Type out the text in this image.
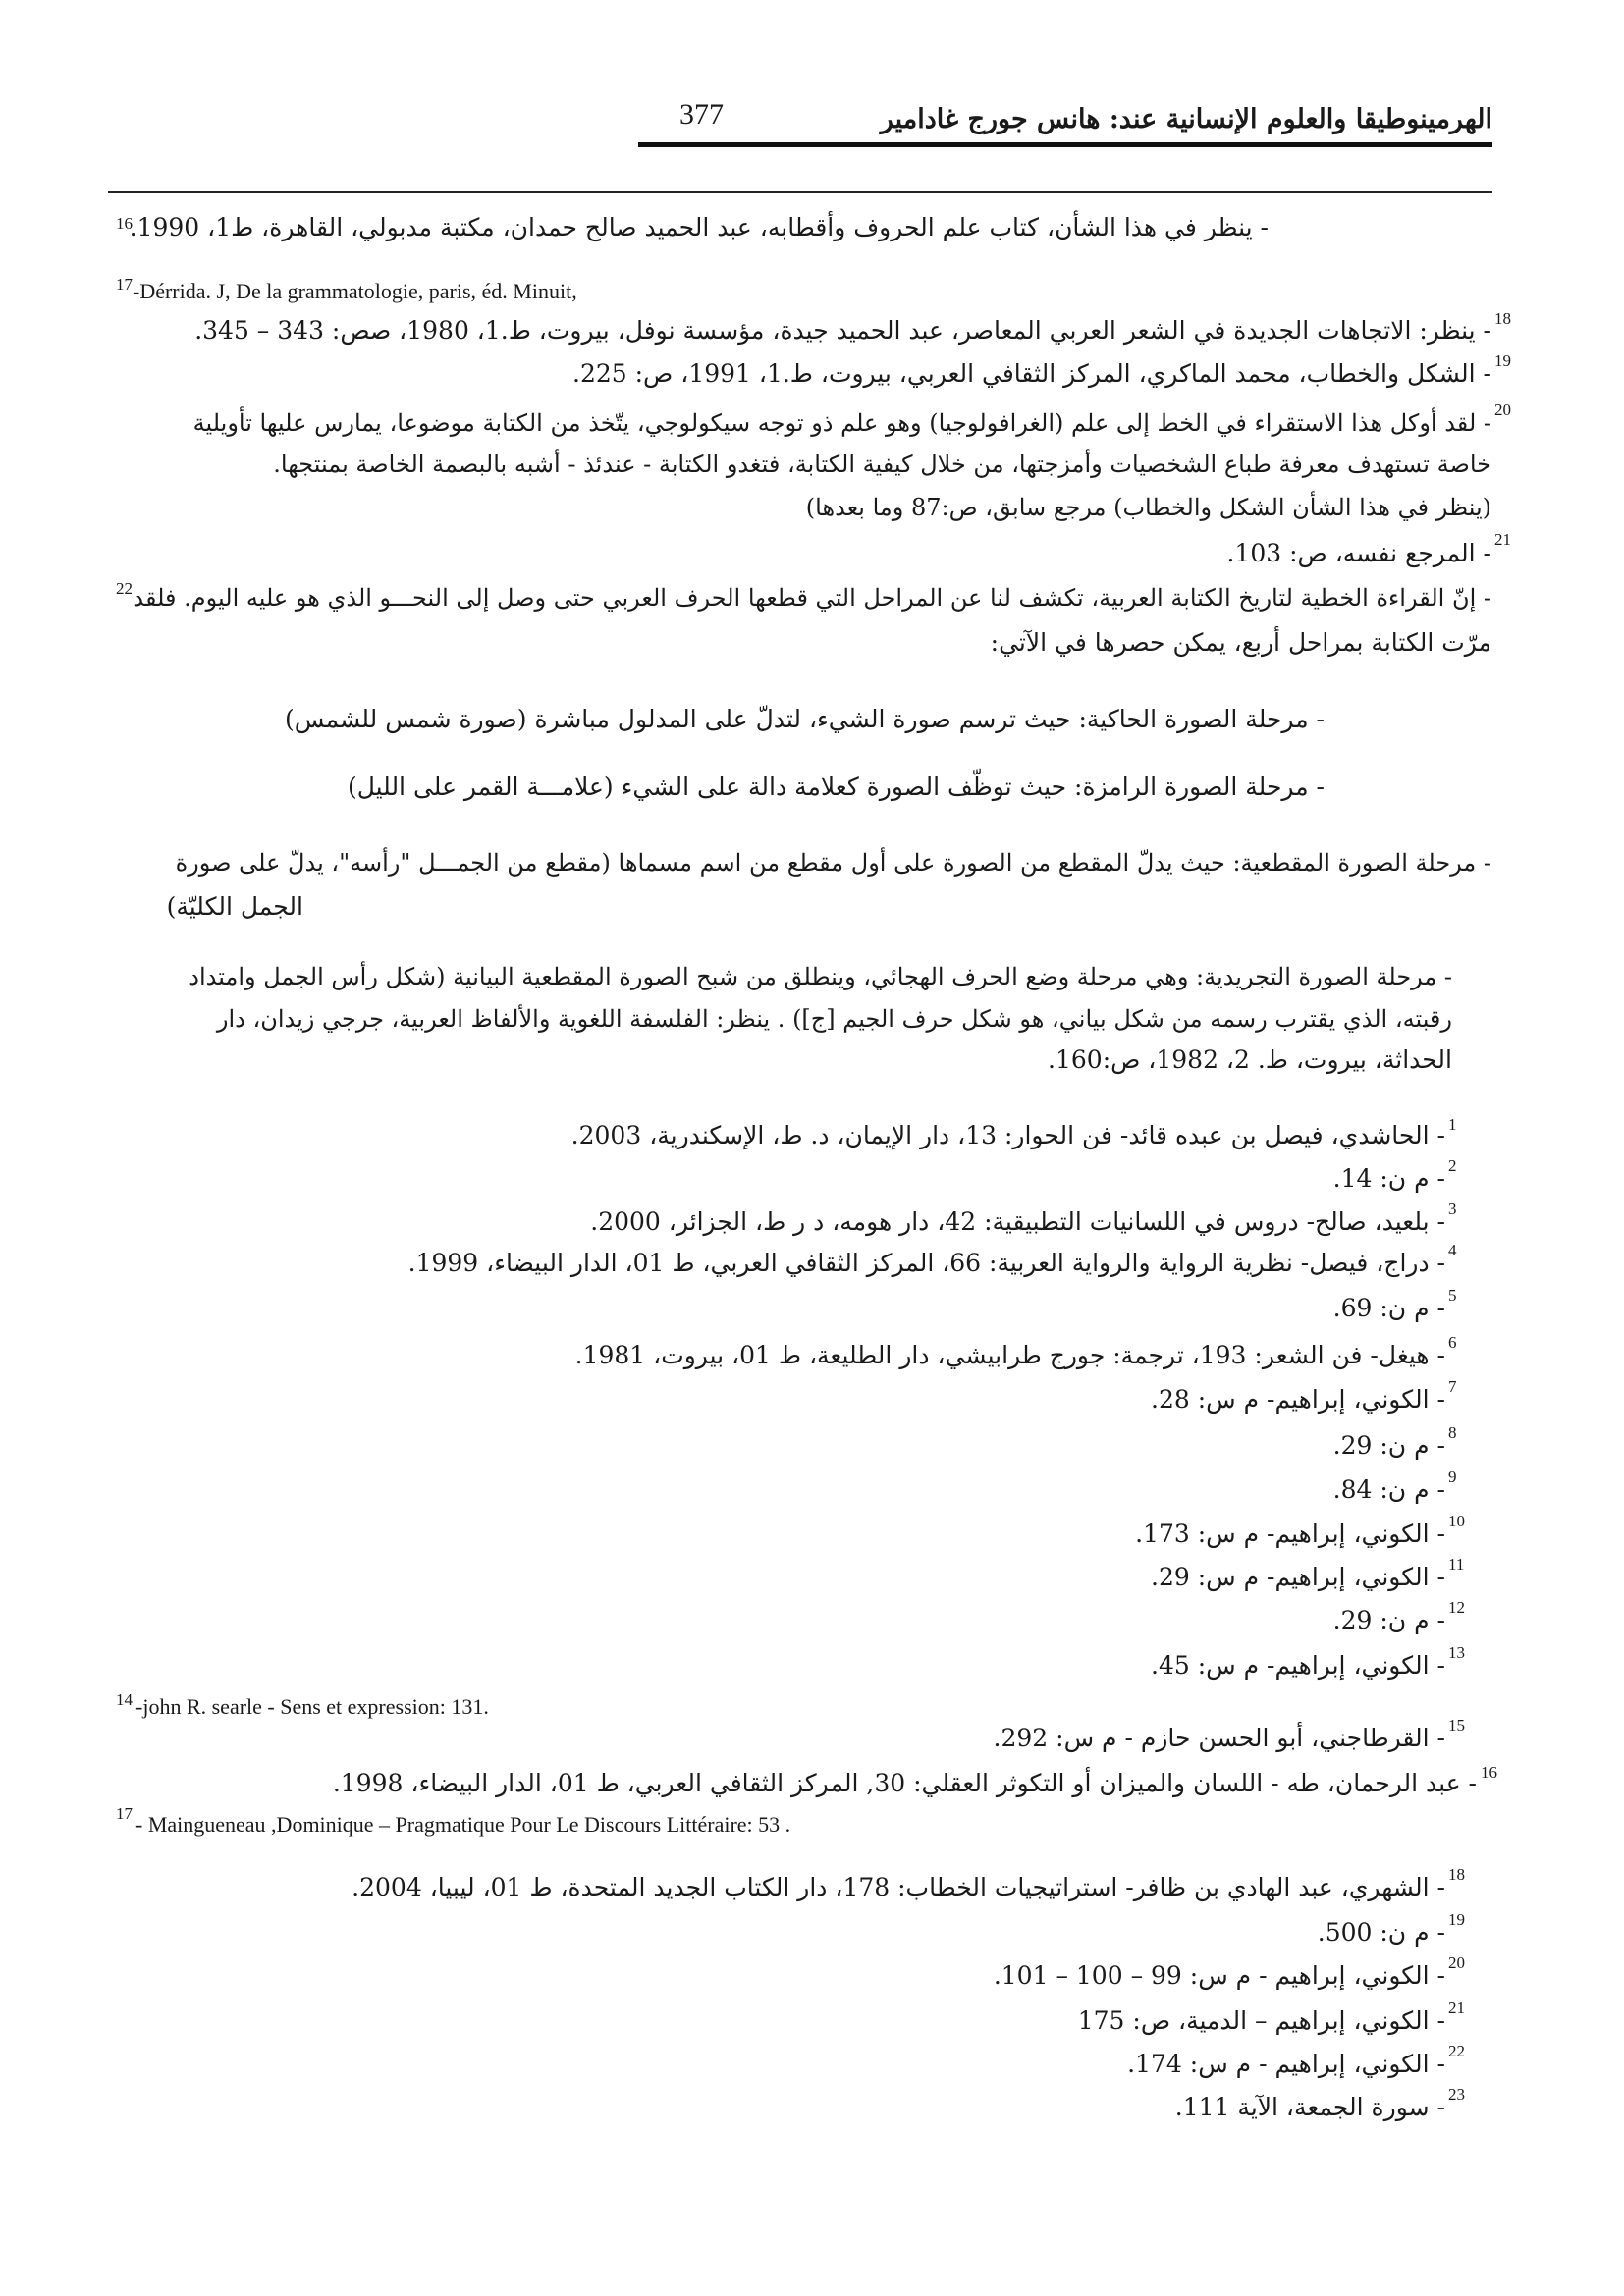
الهرمينوطيقا والعلوم الإنسانية عند: هانس جورج غادامير
377
16
- ينظر في هذا الشأن، كتاب علم الحروف وأقطابه، عبد الحميد صالح حمدان، مكتبة مدبولي، القاهرة، ط1، 1990.
17 -Dérrida. J, De la grammatologie, paris, éd. Minuit,
18
- ينظر: الاتجاهات الجديدة في الشعر العربي المعاصر، عبد الحميد جيدة، مؤسسة نوفل، بيروت، ط.1، 1980، صص: 343 – 345.
19
- الشكل والخطاب، محمد الماكري، المركز الثقافي العربي، بيروت، ط.1، 1991، ص: 225.
20
- لقد أوكل هذا الاستقراء في الخط إلى علم (الغرافولوجيا) وهو علم ذو توجه سيكولوجي، يتّخذ من الكتابة موضوعا، يمارس عليها تأويلية
خاصة تستهدف معرفة طباع الشخصيات وأمزجتها، من خلال كيفية الكتابة، فتغدو الكتابة - عندئذ - أشبه بالبصمة الخاصة بمنتجها.
(ينظر في هذا الشأن الشكل والخطاب) مرجع سابق، ص:87 وما بعدها)
21
- المرجع نفسه، ص: 103.
22 - إنّ القراءة الخطية لتاريخ الكتابة العربية، تكشف لنا عن المراحل التي قطعها الحرف العربي حتى وصل إلى النحـــو الذي هو عليه اليوم. فلقد
مرّت الكتابة بمراحل أربع، يمكن حصرها في الآتي:
- مرحلة الصورة الحاكية: حيث ترسم صورة الشيء، لتدلّ على المدلول مباشرة (صورة شمس للشمس)
- مرحلة الصورة الرامزة: حيث توظّف الصورة كعلامة دالة على الشيء (علامـــة القمر على الليل)
- مرحلة الصورة المقطعية: حيث يدلّ المقطع من الصورة على أول مقطع من اسم مسماها (مقطع من الجمـــل "رأسه"، يدلّ على صورة
الجمل الكليّة)
- مرحلة الصورة التجريدية: وهي مرحلة وضع الحرف الهجائي، وينطلق من شبح الصورة المقطعية البيانية (شكل رأس الجمل وامتداد
رقبته، الذي يقترب رسمه من شكل بياني، هو شكل حرف الجيم [ج]) . ينظر: الفلسفة اللغوية والألفاظ العربية، جرجي زيدان، دار
الحداثة، بيروت، ط. 2، 1982، ص:160.
1
- الحاشدي، فيصل بن عبده قائد- فن الحوار: 13، دار الإيمان، د. ط، الإسكندرية، 2003.
2
- م ن: 14.
3
- بلعيد، صالح- دروس في اللسانيات التطبيقية: 42، دار هومه، د ر ط، الجزائر، 2000.
4
- دراج، فيصل- نظرية الرواية والرواية العربية: 66، المركز الثقافي العربي، ط 01، الدار البيضاء، 1999.
5
- م ن: 69.
6
- هيغل- فن الشعر: 193، ترجمة: جورج طرابيشي، دار الطليعة، ط 01، بيروت، 1981.
7
- الكوني، إبراهيم- م س: 28.
8
- م ن: 29.
9
- م ن: 84.
10
- الكوني، إبراهيم- م س: 173.
11
- الكوني، إبراهيم- م س: 29.
12
- م ن: 29.
13
- الكوني، إبراهيم- م س: 45.
14 -john R. searle - Sens et expression: 131.
15
- القرطاجني، أبو الحسن حازم - م س: 292.
16
- عبد الرحمان، طه - اللسان والميزان أو التكوثر العقلي: 30, المركز الثقافي العربي، ط 01، الدار البيضاء، 1998.
17 - Maingueneau ,Dominique – Pragmatique Pour Le Discours Littéraire: 53 .
18
- الشهري، عبد الهادي بن ظافر- استراتيجيات الخطاب: 178، دار الكتاب الجديد المتحدة، ط 01، ليبيا، 2004.
19
- م ن: 500.
20
- الكوني، إبراهيم - م س: 99 – 100 – 101.
21
- الكوني، إبراهيم – الدمية، ص: 175
22
- الكوني، إبراهيم - م س: 174.
23
- سورة الجمعة، الآية 111.
